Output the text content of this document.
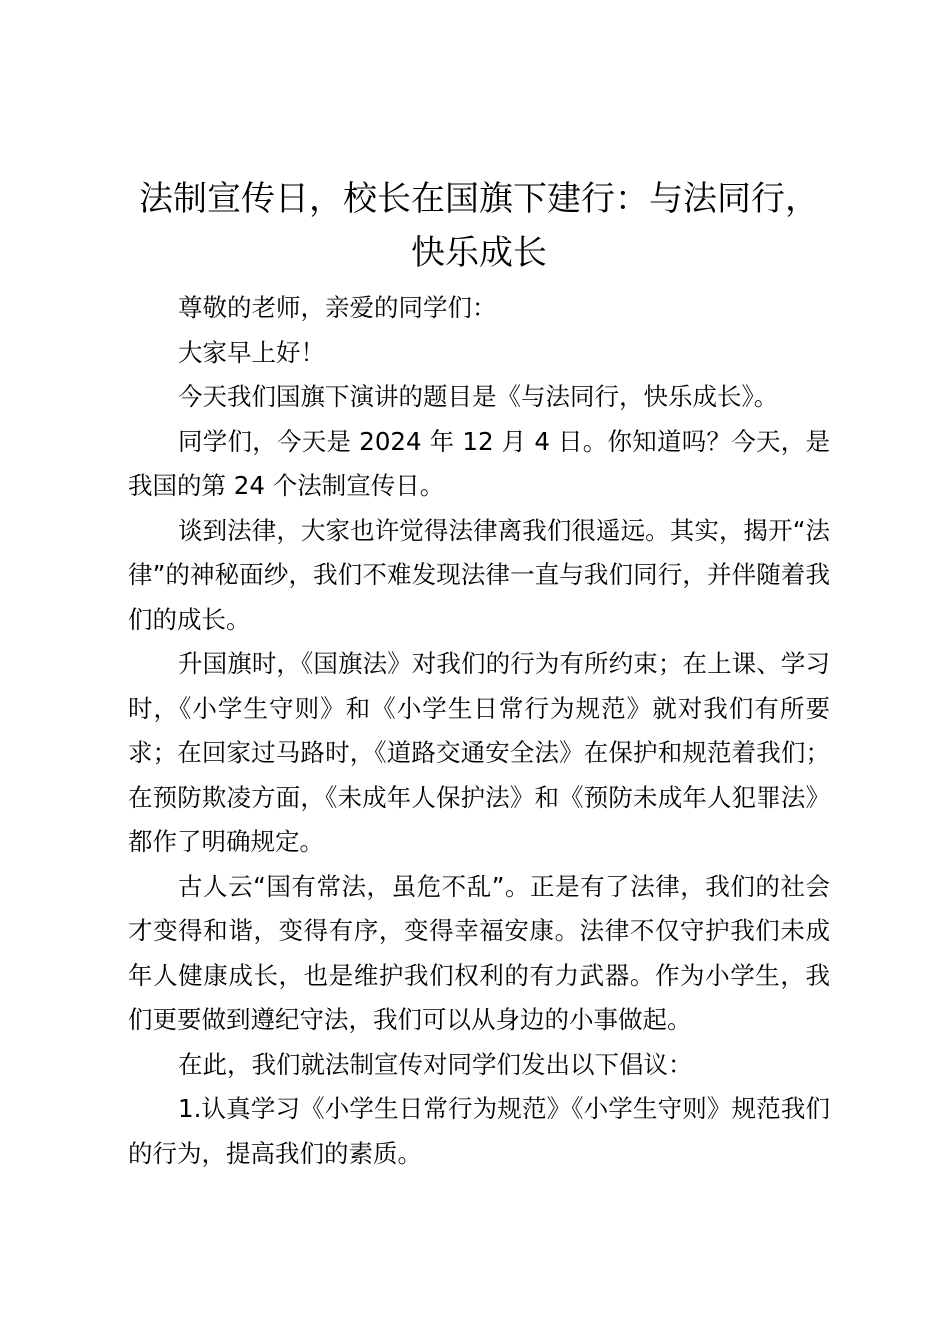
法制宣传日，校长在国旗下建行：与法同行，快乐成长

尊敬的老师，亲爱的同学们：

大家早上好！

今天我们国旗下演讲的题目是《与法同行，快乐成长》。

同学们，今天是 2024 年 12 月 4 日。你知道吗？今天，是我国的第 24 个法制宣传日。

谈到法律，大家也许觉得法律离我们很遥远。其实，揭开“法律”的神秘面纱，我们不难发现法律一直与我们同行，并伴随着我们的成长。

升国旗时，《国旗法》对我们的行为有所约束；在上课、学习时，《小学生守则》和《小学生日常行为规范》就对我们有所要求；在回家过马路时，《道路交通安全法》在保护和规范着我们；在预防欺凌方面，《未成年人保护法》和《预防未成年人犯罪法》都作了明确规定。

古人云“国有常法，虽危不乱”。正是有了法律，我们的社会才变得和谐，变得有序，变得幸福安康。法律不仅守护我们未成年人健康成长，也是维护我们权利的有力武器。作为小学生，我们更要做到遵纪守法，我们可以从身边的小事做起。

在此，我们就法制宣传对同学们发出以下倡议：

1.认真学习《小学生日常行为规范》《小学生守则》规范我们的行为，提高我们的素质。
